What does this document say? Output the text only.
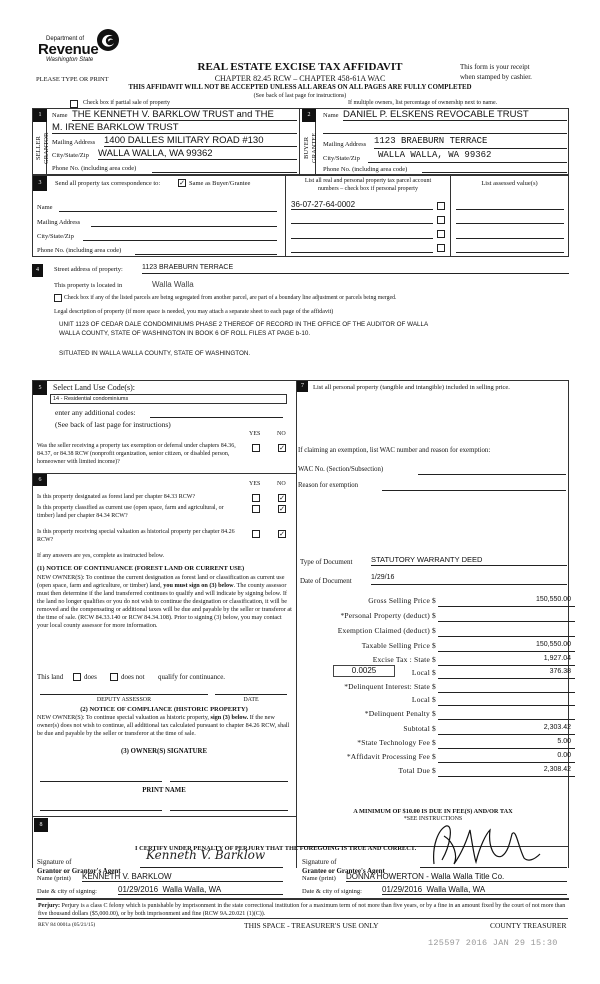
Department of
Revenue
Washington State
REAL ESTATE EXCISE TAX AFFIDAVIT
CHAPTER 82.45 RCW – CHAPTER 458-61A WAC
PLEASE TYPE OR PRINT
This form is your receipt
when stamped by cashier.
THIS AFFIDAVIT WILL NOT BE ACCEPTED UNLESS ALL AREAS ON ALL PAGES ARE FULLY COMPLETED
(See back of last page for instructions)
Check box if partial sale of property	If multiple owners, list percentage of ownership next to name.
1
SELLER
GRANTOR
Name THE KENNETH V. BARKLOW TRUST and THE
M. IRENE BARKLOW TRUST
Mailing Address 1400 DALLES MILITARY ROAD #130
City/State/Zip WALLA WALLA, WA 99362
Phone No. (including area code)
2
BUYER
GRANTEE
Name DANIEL P. ELSKENS REVOCABLE TRUST
Mailing Address 1123 BRAEBURN TERRACE
City/State/Zip	WALLA WALLA, WA 99362
Phone No. (including area code)
3	Send all property tax correspondence to:	✓ Same as Buyer/Grantee
Name
Mailing Address
City/State/Zip
Phone No. (including area code)
List all real and personal property tax parcel account
numbers – check box if personal property
List assessed value(s)
36-07-27-64-0002
4	Street address of property:	1123 BRAEBURN TERRACE
This property is located in	Walla Walla
Check box if any of the listed parcels are being segregated from another parcel, are part of a boundary line adjustment or parcels being merged.
Legal description of property (if more space is needed, you may attach a separate sheet to each page of the affidavit)
UNIT 1123 OF CEDAR DALE CONDOMINIUMS PHASE 2 THEREOF OF RECORD IN THE OFFICE OF THE AUDITOR OF WALLA
WALLA COUNTY, STATE OF WASHINGTON IN BOOK 6 OF ROLL FILES AT PAGE b-10.
SITUATED IN WALLA WALLA COUNTY, STATE OF WASHINGTON.
5	Select Land Use Code(s):
14 - Residential condominiums
enter any additional codes:
(See back of last page for instructions)
YES	NO
Was the seller receiving a property tax exemption or deferral under chapters 84.36, 84.37, or 84.38 RCW (nonprofit organization, senior citizen, or disabled person, homeowner with limited income)?
✓
6
YES	NO
Is this property designated as forest land per chapter 84.33 RCW?	✓
Is this property classified as current use (open space, farm and agricultural, or timber) land per chapter 84.34 RCW?
✓
Is this property receiving special valuation as historical property per chapter 84.26 RCW?
✓
If any answers are yes, complete as instructed below.
(1) NOTICE OF CONTINUANCE (FOREST LAND OR CURRENT USE)
NEW OWNER(S): To continue the current designation as forest land or classification as current use (open space, farm and agriculture, or timber) land, you must sign on (3) below. The county assessor must then determine if the land transferred continues to qualify and will indicate by signing below. If the land no longer qualifies or you do not wish to continue the designation or classification, it will be removed and the compensating or additional taxes will be due and payable by the seller or transferor at the time of sale. (RCW 84.33.140 or RCW 84.34.108). Prior to signing (3) below, you may contact your local county assessor for more information.
This land	does	does not qualify for continuance.
DEPUTY ASSESSOR	DATE
(2) NOTICE OF COMPLIANCE (HISTORIC PROPERTY)
NEW OWNER(S): To continue special valuation as historic property, sign (3) below. If the new owner(s) does not wish to continue, all additional tax calculated pursuant to chapter 84.26 RCW, shall be due and payable by the seller or transferor at the time of sale.
(3) OWNER(S) SIGNATURE
PRINT NAME
7	List all personal property (tangible and intangible) included in selling price.
If claiming an exemption, list WAC number and reason for exemption:
WAC No. (Section/Subsection)
Reason for exemption
Type of Document STATUTORY WARRANTY DEED
Date of Document	1/29/16
Gross Selling Price $	150,550.00
*Personal Property (deduct) $
Exemption Claimed (deduct) $
Taxable Selling Price $	150,550.00
Excise Tax : State $	1,927.04
Local $	376.38
*Delinquent Interest: State $
Local $
*Delinquent Penalty $
Subtotal $	2,303.42
*State Technology Fee $	5.00
*Affidavit Processing Fee $	0.00
Total Due $	2,308.42
0.0025
A MINIMUM OF $10.00 IS DUE IN FEE(S) AND/OR TAX
*SEE INSTRUCTIONS
8
I CERTIFY UNDER PENALTY OF PERJURY THAT THE FOREGOING IS TRUE AND CORRECT.
Signature of
Grantor or Grantor's Agent
Kenneth V. Barklow
Name (print) KENNETH V. BARKLOW
Date & city of signing:	01/29/2016  Walla Walla, WA
Signature of
Grantee or Grantee's Agent
Name (print) DONNA HOWERTON - Walla Walla Title Co.
Date & city of signing:	01/29/2016  Walla Walla, WA
Perjury: Perjury is a class C felony which is punishable by imprisonment in the state correctional institution for a maximum term of not more than five years, or by a fine in an amount fixed by the court of not more than five thousand dollars ($5,000.00), or by both imprisonment and fine (RCW 9A.20.021 (1)(C)).
REV 84 0001a (05/21/15)	THIS SPACE - TREASURER'S USE ONLY	COUNTY TREASURER
125597 2016 JAN 29 15:30
